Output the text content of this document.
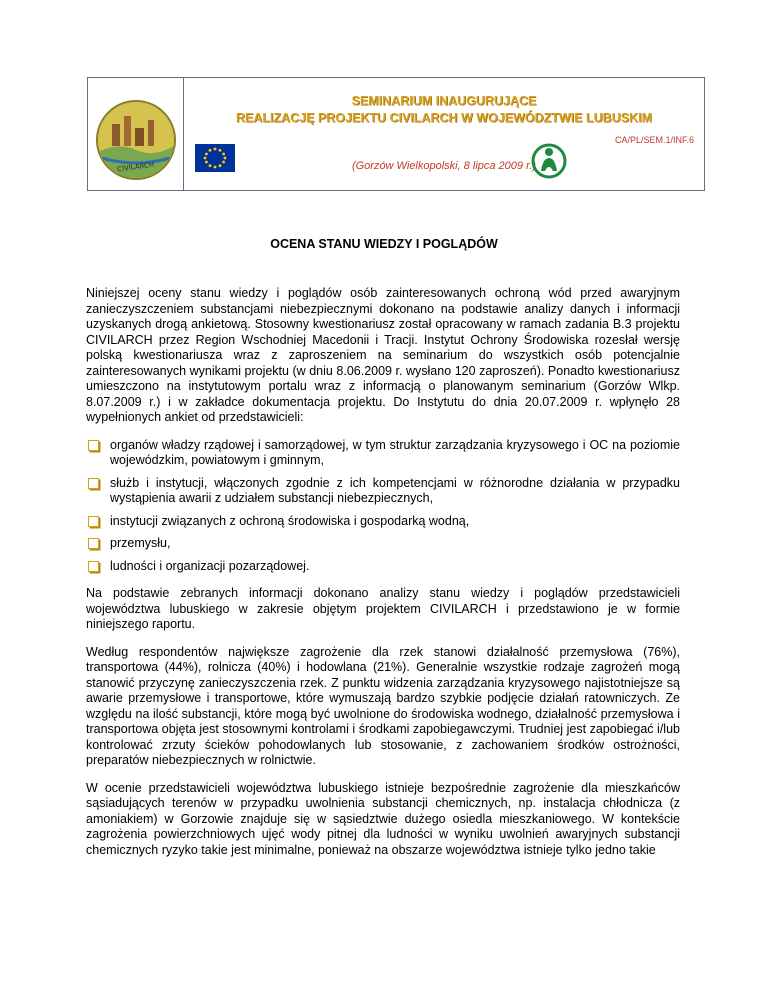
CIVILARCH
SEMINARIUM INAUGURUJĄCE
REALIZACJĘ PROJEKTU CIVILARCH W WOJEWÓDZTWIE LUBUSKIM
CA/PL/SEM.1/INF.6
(Gorzów Wielkopolski, 8 lipca 2009 r.)
OCENA STANU WIEDZY I POGLĄDÓW

Niniejszej oceny stanu wiedzy i poglądów osób zainteresowanych ochroną wód przed awaryjnym zanieczyszczeniem substancjami niebezpiecznymi dokonano na podstawie analizy danych i informacji uzyskanych drogą ankietową. Stosowny kwestionariusz został opracowany w ramach zadania B.3 projektu CIVILARCH przez Region Wschodniej Macedonii i Tracji. Instytut Ochrony Środowiska rozesłał wersję polską kwestionariusza wraz z zaproszeniem na seminarium do wszystkich osób potencjalnie zainteresowanych wynikami projektu (w dniu 8.06.2009 r. wysłano 120 zaproszeń). Ponadto kwestionariusz umieszczono na instytutowym portalu wraz z informacją o planowanym seminarium (Gorzów Wlkp. 8.07.2009 r.) i w zakładce dokumentacja projektu. Do Instytutu do dnia 20.07.2009 r. wpłynęło 28 wypełnionych ankiet od przedstawicieli:

organów władzy rządowej i samorządowej, w tym struktur zarządzania kryzysowego i OC na poziomie wojewódzkim, powiatowym i gminnym,
służb i instytucji, włączonych zgodnie z ich kompetencjami w różnorodne działania w przypadku wystąpienia awarii z udziałem substancji niebezpiecznych,
instytucji związanych z ochroną środowiska i gospodarką wodną,
przemysłu,
ludności i organizacji pozarządowej.

Na podstawie zebranych informacji dokonano analizy stanu wiedzy i poglądów przedstawicieli województwa lubuskiego w zakresie objętym projektem CIVILARCH i przedstawiono je w formie niniejszego raportu.

Według respondentów największe zagrożenie dla rzek stanowi działalność przemysłowa (76%), transportowa (44%), rolnicza (40%) i hodowlana (21%). Generalnie wszystkie rodzaje zagrożeń mogą stanowić przyczynę zanieczyszczenia rzek. Z punktu widzenia zarządzania kryzysowego najistotniejsze są awarie przemysłowe i transportowe, które wymuszają bardzo szybkie podjęcie działań ratowniczych. Ze względu na ilość substancji, które mogą być uwolnione do środowiska wodnego, działalność przemysłowa i transportowa objęta jest stosownymi kontrolami i środkami zapobiegawczymi. Trudniej jest zapobiegać i/lub kontrolować zrzuty ścieków pohodowlanych lub stosowanie, z zachowaniem środków ostrożności, preparatów niebezpiecznych w rolnictwie.

W ocenie przedstawicieli województwa lubuskiego istnieje bezpośrednie zagrożenie dla mieszkańców sąsiadujących terenów w przypadku uwolnienia substancji chemicznych, np. instalacja chłodnicza (z amoniakiem) w Gorzowie znajduje się w sąsiedztwie dużego osiedla mieszkaniowego. W kontekście zagrożenia powierzchniowych ujęć wody pitnej dla ludności w wyniku uwolnień awaryjnych substancji chemicznych ryzyko takie jest minimalne, ponieważ na obszarze województwa istnieje tylko jedno takie
